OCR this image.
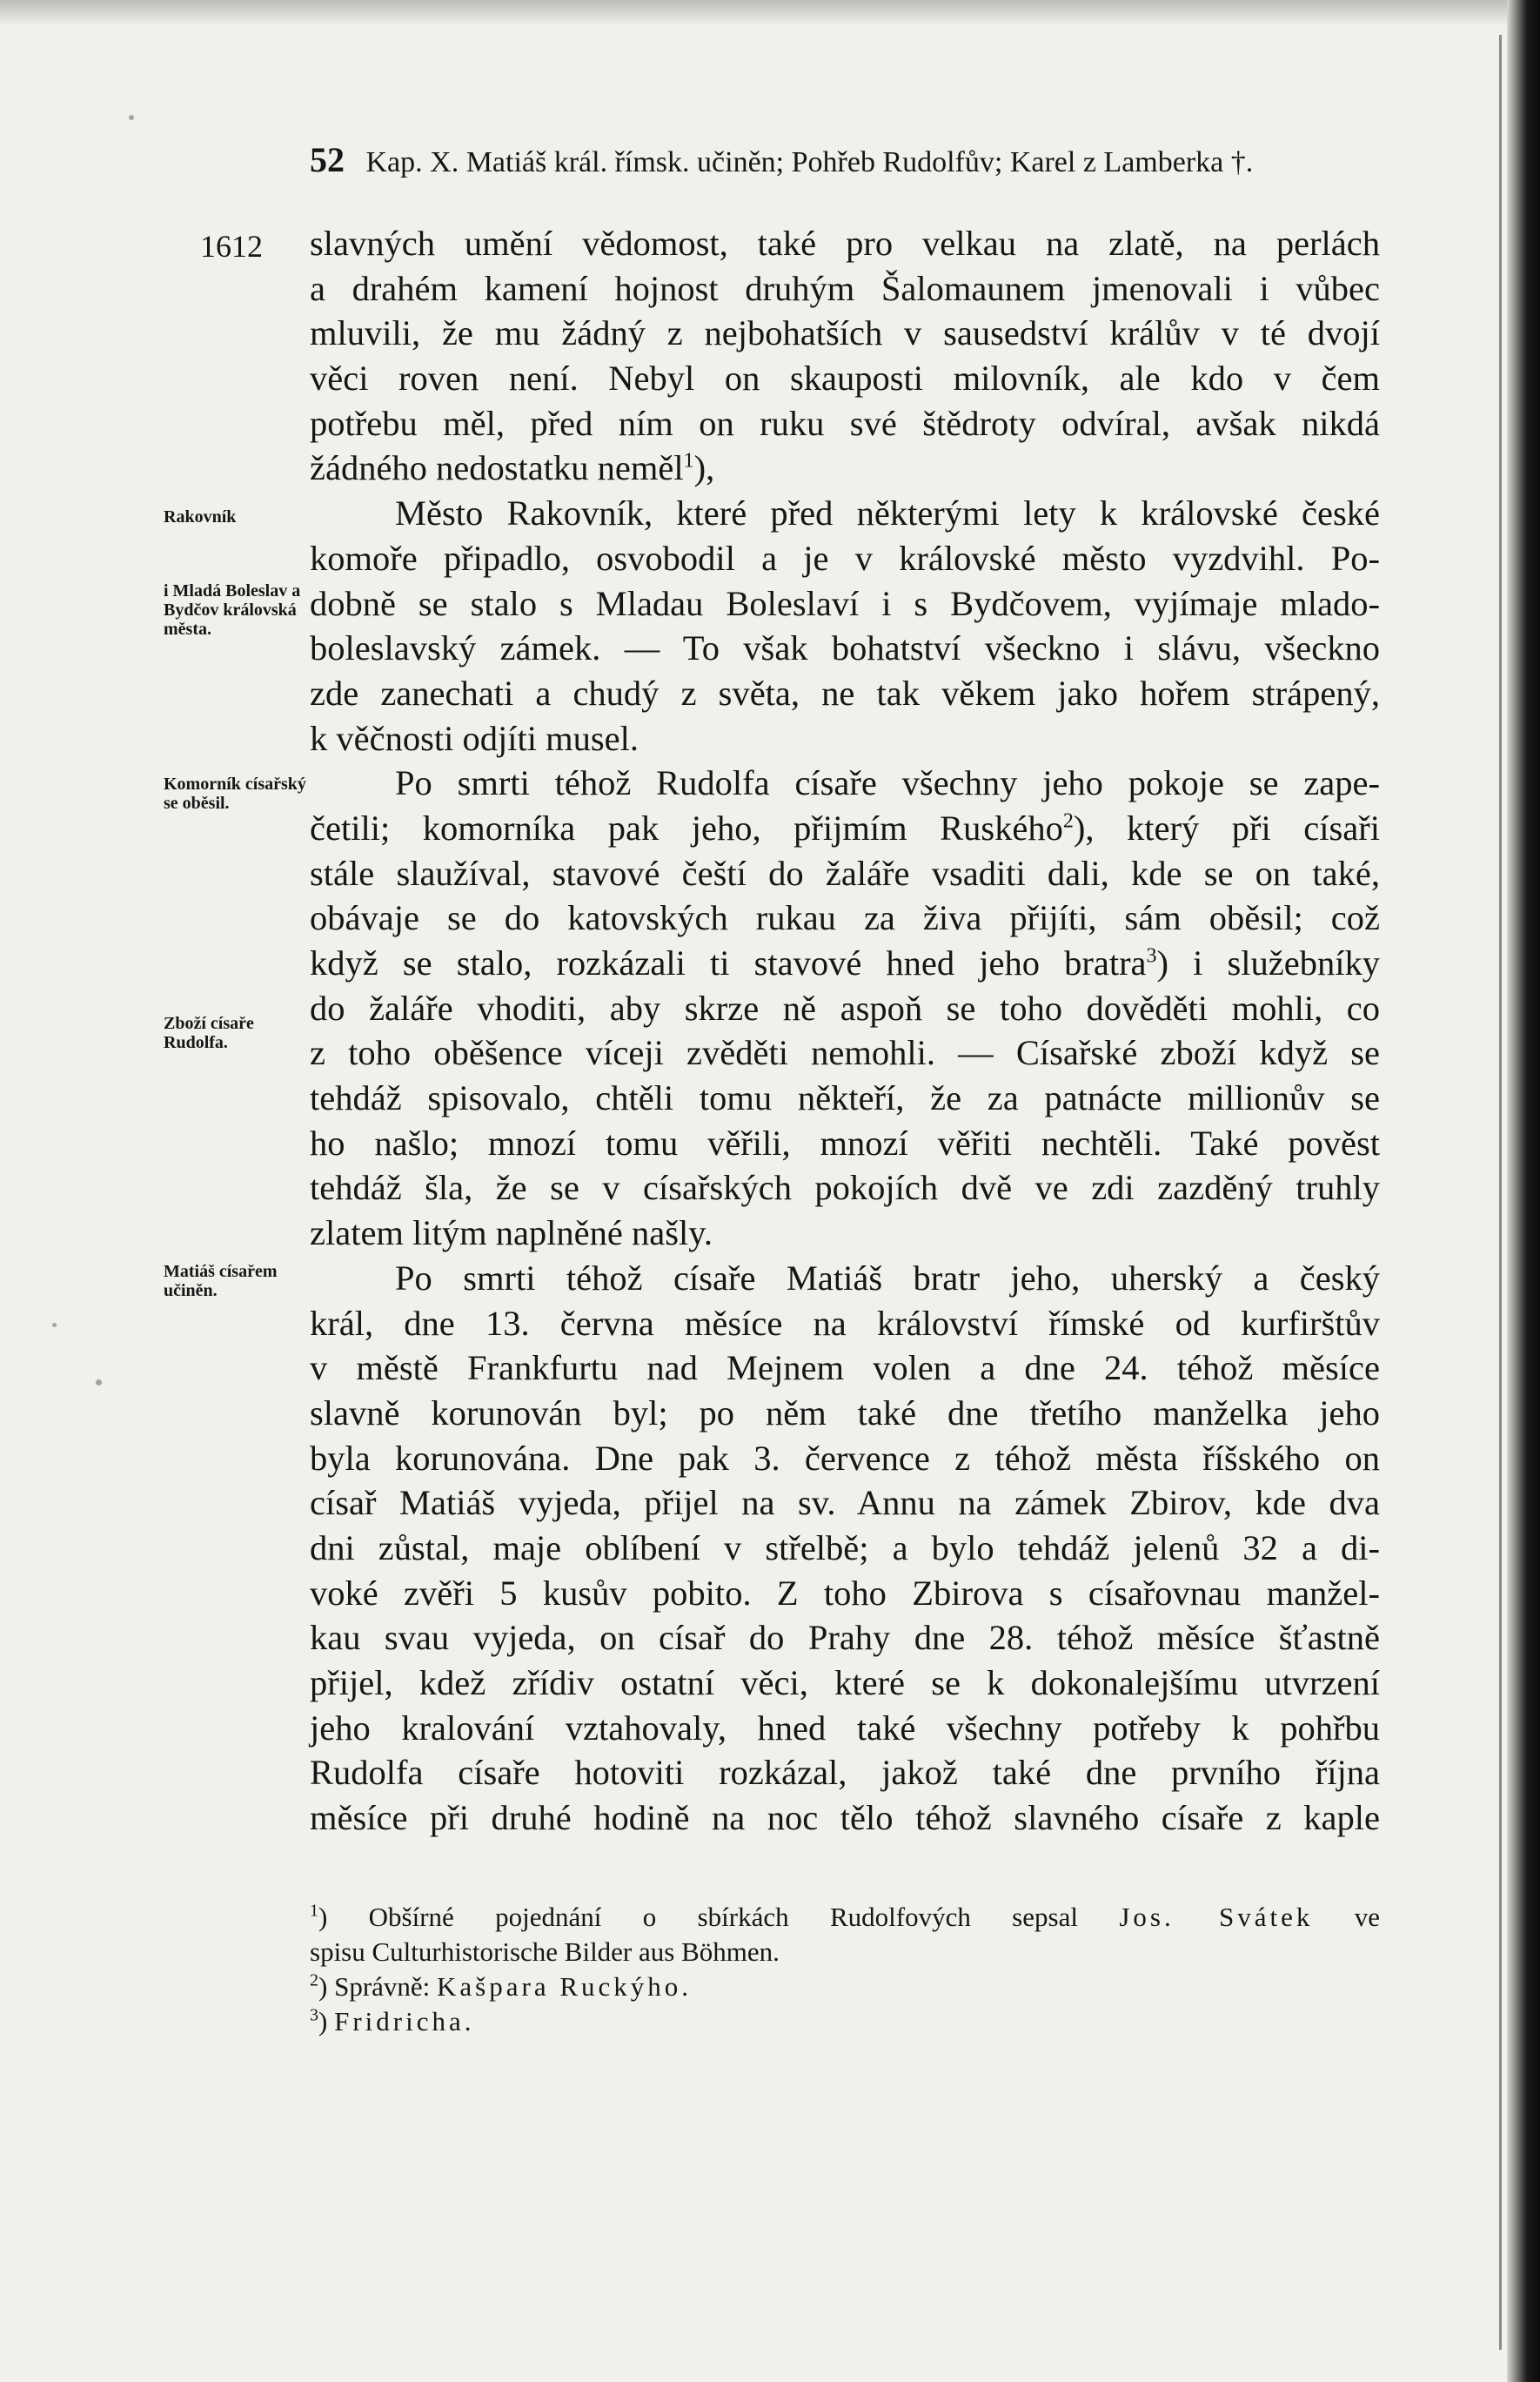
52 Kap. X. Matiáš král. římsk. učiněn; Pohřeb Rudolfův; Karel z Lamberka †.
1612
Rakovník
i Mladá Boleslav a Bydčov královská města.
Komorník císařský se oběsil.
Zboží císaře Rudolfa.
Matiáš císařem učiněn.
slavných umění vědomost, také pro velkau na zlatě, na perlách
a drahém kamení hojnost druhým Šalomaunem jmenovali i vůbec
mluvili, že mu žádný z nejbohatších v sausedství králův v té dvojí
věci roven není. Nebyl on skauposti milovník, ale kdo v čem
potřebu měl, před ním on ruku své štědroty odvíral, avšak nikdá
žádného nedostatku neměl$^1$),
Město Rakovník, které před některými lety k královské české
komoře připadlo, osvobodil a je v královské město vyzdvihl. Po-
dobně se stalo s Mladau Boleslaví i s Bydčovem, vyjímaje mlado-
boleslavský zámek. — To však bohatství všeckno i slávu, všeckno
zde zanechati a chudý z světa, ne tak věkem jako hořem strápený,
k věčnosti odjíti musel.
Po smrti téhož Rudolfa císaře všechny jeho pokoje se zape-
četili; komorníka pak jeho, přijmím Ruského$^2$), který při císaři
stále slaužíval, stavové čeští do žaláře vsaditi dali, kde se on také,
obávaje se do katovských rukau za živa přijíti, sám oběsil; což
když se stalo, rozkázali ti stavové hned jeho bratra$^3$) i služebníky
do žaláře vhoditi, aby skrze ně aspoň se toho dověděti mohli, co
z toho oběšence víceji zvěděti nemohli. — Císařské zboží když se
tehdáž spisovalo, chtěli tomu někteří, že za patnácte millionův se
ho našlo; mnozí tomu věřili, mnozí věřiti nechtěli. Také pověst
tehdáž šla, že se v císařských pokojích dvě ve zdi zazděný truhly
zlatem litým naplněné našly.
Po smrti téhož císaře Matiáš bratr jeho, uherský a český
král, dne 13. června měsíce na království římské od kurfirštův
v městě Frankfurtu nad Mejnem volen a dne 24. téhož měsíce
slavně korunován byl; po něm také dne třetího manželka jeho
byla korunována. Dne pak 3. července z téhož města říšského on
císař Matiáš vyjeda, přijel na sv. Annu na zámek Zbirov, kde dva
dni zůstal, maje oblíbení v střelbě; a bylo tehdáž jelenů 32 a di-
voké zvěři 5 kusův pobito. Z toho Zbirova s císařovnau manžel-
kau svau vyjeda, on císař do Prahy dne 28. téhož měsíce šťastně
přijel, kdež zřídiv ostatní věci, které se k dokonalejšímu utvrzení
jeho kralování vztahovaly, hned také všechny potřeby k pohřbu
Rudolfa císaře hotoviti rozkázal, jakož také dne prvního října
měsíce při druhé hodině na noc tělo téhož slavného císaře z kaple
$^1$) Obšírné pojednání o sbírkách Rudolfových sepsal Jos. Svátek ve
spisu Culturhistorische Bilder aus Böhmen.
$^2$) Správně: Kašpara Ruckýho.
$^3$) Fridricha.
